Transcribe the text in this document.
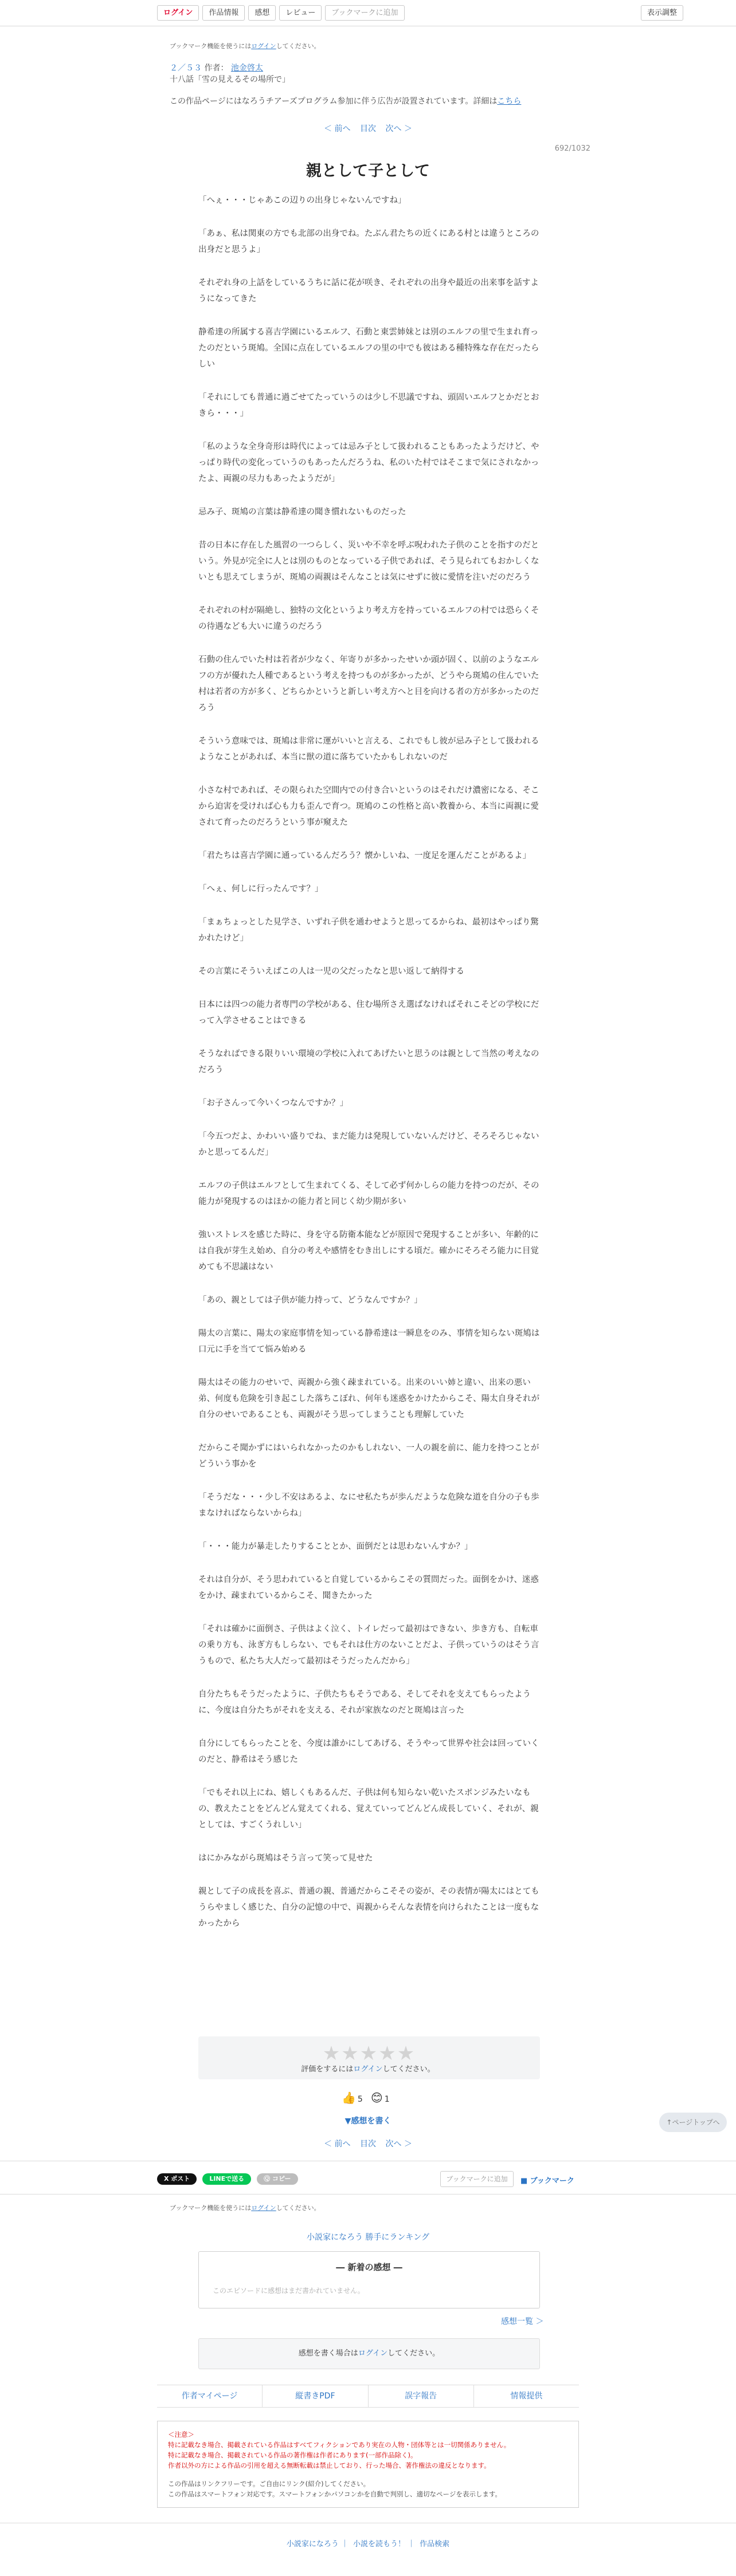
ログイン	作品情報	感想	レビュー	ブックマークに追加	表示調整
ブックマーク機能を使うにはログインしてください。
２／５３ 作者： 池金啓太
十八話「雪の見えるその場所で」
この作品ページにはなろうチアーズプログラム参加に伴う広告が設置されています。詳細はこちら
＜ 前へ 目次 次へ ＞
692/1032
親として子として

「へぇ・・・じゃあこの辺りの出身じゃないんですね」

「あぁ、私は関東の方でも北部の出身でね。たぶん君たちの近くにある村とは違うところの出身だと思うよ」

それぞれ身の上話をしているうちに話に花が咲き、それぞれの出身や最近の出来事を話すようになってきた

静希達の所属する喜吉学園にいるエルフ、石動と東雲姉妹とは別のエルフの里で生まれ育ったのだという斑鳩。全国に点在しているエルフの里の中でも彼はある種特殊な存在だったらしい

「それにしても普通に過ごせてたっていうのは少し不思議ですね、頭固いエルフとかだとおきら・・・」

「私のような全身奇形は時代によっては忌み子として扱われることもあったようだけど、やっぱり時代の変化っていうのもあったんだろうね、私のいた村ではそこまで気にされなかったよ、両親の尽力もあったようだが」

忌み子、斑鳩の言葉は静希達の聞き慣れないものだった

昔の日本に存在した風習の一つらしく、災いや不幸を呼ぶ呪われた子供のことを指すのだという。外見が完全に人とは別のものとなっている子供であれば、そう見られてもおかしくないとも思えてしまうが、斑鳩の両親はそんなことは気にせずに彼に愛情を注いだのだろう

それぞれの村が隔絶し、独特の文化というより考え方を持っているエルフの村では恐らくその待遇なども大いに違うのだろう

石動の住んでいた村は若者が少なく、年寄りが多かったせいか頭が固く、以前のようなエルフの方が優れた人種であるという考えを持つものが多かったが、どうやら斑鳩の住んでいた村は若者の方が多く、どちらかというと新しい考え方へと目を向ける者の方が多かったのだろう

そういう意味では、斑鳩は非常に運がいいと言える、これでもし彼が忌み子として扱われるようなことがあれば、本当に獣の道に落ちていたかもしれないのだ

小さな村であれば、その限られた空間内での付き合いというのはそれだけ濃密になる、そこから迫害を受ければ心も力も歪んで育つ。斑鳩のこの性格と高い教養から、本当に両親に愛されて育ったのだろうという事が窺えた

「君たちは喜吉学園に通っているんだろう？懐かしいね、一度足を運んだことがあるよ」

「へぇ、何しに行ったんです？」

「まぁちょっとした見学さ、いずれ子供を通わせようと思ってるからね、最初はやっぱり驚かれたけど」

その言葉にそういえばこの人は一児の父だったなと思い返して納得する

日本には四つの能力者専門の学校がある、住む場所さえ選ばなければそれこそどの学校にだって入学させることはできる

そうなればできる限りいい環境の学校に入れてあげたいと思うのは親として当然の考えなのだろう

「お子さんって今いくつなんですか？」

「今五つだよ、かわいい盛りでね、まだ能力は発現していないんだけど、そろそろじゃないかと思ってるんだ」

エルフの子供はエルフとして生まれてくる、そして必ず何かしらの能力を持つのだが、その能力が発現するのはほかの能力者と同じく幼少期が多い

強いストレスを感じた時に、身を守る防衛本能などが原因で発現することが多い、年齢的には自我が芽生え始め、自分の考えや感情をむき出しにする頃だ。確かにそろそろ能力に目覚めても不思議はない

「あの、親としては子供が能力持って、どうなんですか？」

陽太の言葉に、陽太の家庭事情を知っている静希達は一瞬息をのみ、事情を知らない斑鳩は口元に手を当てて悩み始める

陽太はその能力のせいで、両親から強く疎まれている。出来のいい姉と違い、出来の悪い弟、何度も危険を引き起こした落ちこぼれ、何年も迷惑をかけたからこそ、陽太自身それが自分のせいであることも、両親がそう思ってしまうことも理解していた

だからこそ聞かずにはいられなかったのかもしれない、一人の親を前に、能力を持つことがどういう事かを

「そうだな・・・少し不安はあるよ、なにせ私たちが歩んだような危険な道を自分の子も歩まなければならないからね」

「・・・能力が暴走したりすることとか、面倒だとは思わないんすか？」

それは自分が、そう思われていると自覚しているからこその質問だった。面倒をかけ、迷惑をかけ、疎まれているからこそ、聞きたかった

「それは確かに面倒さ、子供はよく泣く、トイレだって最初はできない、歩き方も、自転車の乗り方も、泳ぎ方もしらない、でもそれは仕方のないことだよ、子供っていうのはそう言うもので、私たち大人だって最初はそうだったんだから」

自分たちもそうだったように、子供たちもそうである、そしてそれを支えてもらったように、今度は自分たちがそれを支える、それが家族なのだと斑鳩は言った

自分にしてもらったことを、今度は誰かにしてあげる、そうやって世界や社会は回っていくのだと、静希はそう感じた

「でもそれ以上にね、嬉しくもあるんだ、子供は何も知らない乾いたスポンジみたいなもの、教えたことをどんどん覚えてくれる、覚えていってどんどん成長していく、それが、親としては、すごくうれしい」

はにかみながら斑鳩はそう言って笑って見せた

親として子の成長を喜ぶ、普通の親、普通だからこそその姿が、その表情が陽太にはとてもうらやましく感じた、自分の記憶の中で、両親からそんな表情を向けられたことは一度もなかったから

★★★★★
評価をするにはログインしてください。
👍 5 😊 1
▼感想を書く	↑ページトップへ
＜ 前へ 目次 次へ ＞
X ポスト	LINEで送る	Ⓠ コピー	ブックマークに追加	■ ブックマーク
ブックマーク機能を使うにはログインしてください。
小説家になろう 勝手にランキング
― 新着の感想 ―
このエピソードに感想はまだ書かれていません。
感想一覧 ＞
感想を書く場合はログインしてください。
作者マイページ	縦書きPDF	誤字報告	情報提供
＜注意＞
特に記載なき場合、掲載されている作品はすべてフィクションであり実在の人物・団体等とは一切関係ありません。
特に記載なき場合、掲載されている作品の著作権は作者にあります(一部作品除く)。
作者以外の方による作品の引用を超える無断転載は禁止しており、行った場合、著作権法の違反となります。
この作品はリンクフリーです。ご自由にリンク(紹介)してください。
この作品はスマートフォン対応です。スマートフォンかパソコンかを自動で判別し、適切なページを表示します。
小説家になろう ｜ 小説を読もう！ ｜ 作品検索
